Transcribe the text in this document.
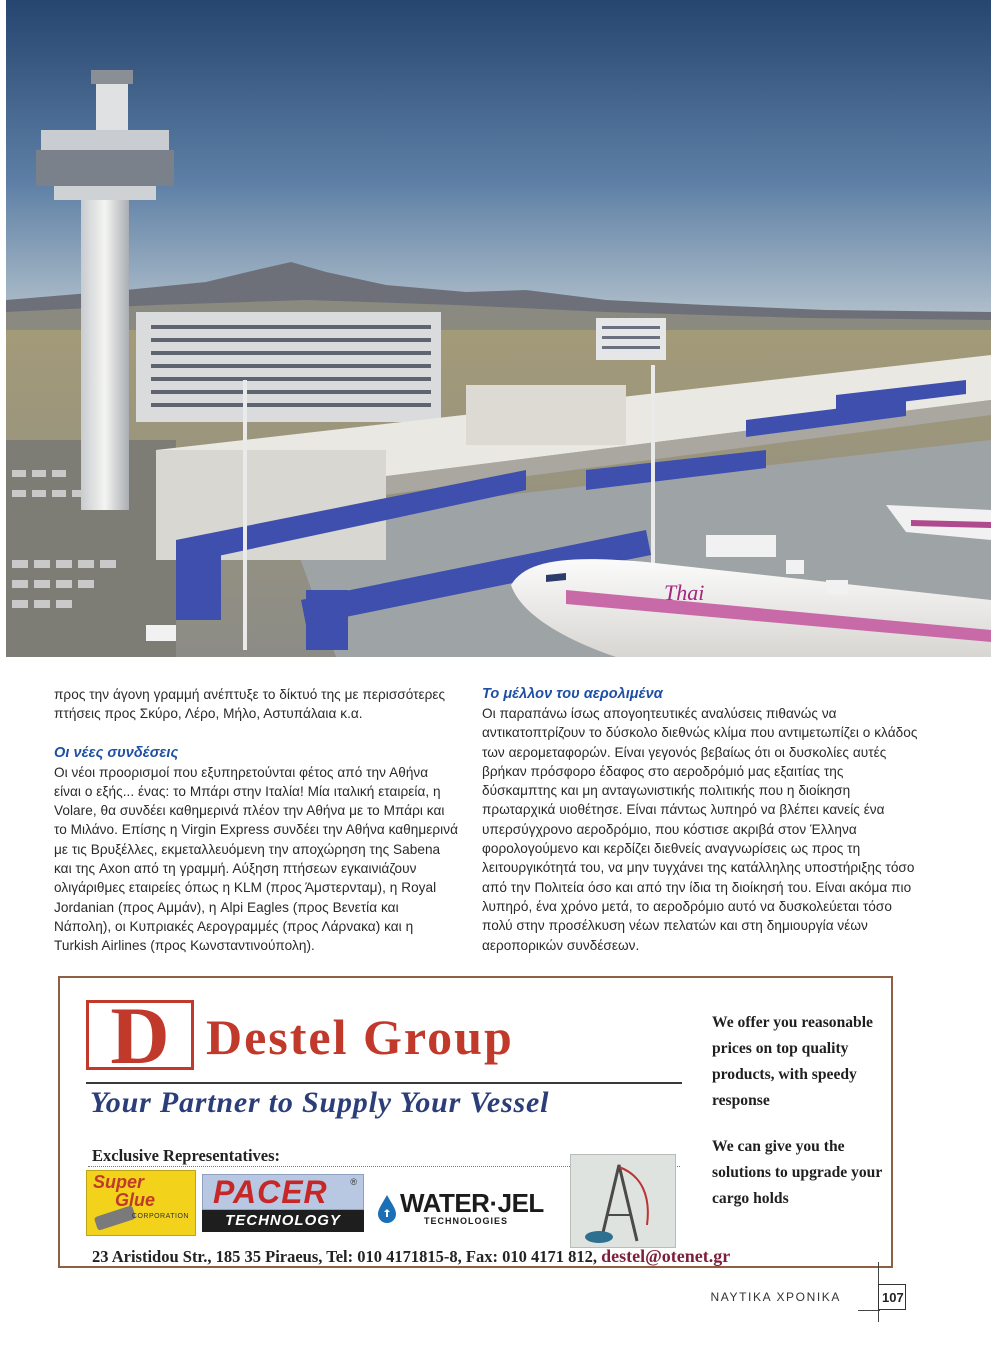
Thai

προς την άγονη γραμμή ανέπτυξε το δίκτυό της με περισσότερες πτήσεις προς Σκύρο, Λέρο, Μήλο, Αστυπάλαια κ.α.

Οι νέες συνδέσεις

Οι νέοι προορισμοί που εξυπηρετούνται φέτος από την Αθήνα είναι ο εξής... ένας: το Μπάρι στην Ιταλία! Μία ιταλική εταιρεία, η Volare, θα συνδέει καθημερινά πλέον την Αθήνα με το Μπάρι και το Μιλάνο. Επίσης η Virgin Express συνδέει την Αθήνα καθημερινά με τις Βρυξέλλες, εκμεταλλευόμενη την αποχώρηση της Sabena και της Axon από τη γραμμή. Αύξηση πτήσεων εγκαινιάζουν ολιγάριθμες εταιρείες όπως η KLM (προς Άμστερνταμ), η Royal Jordanian (προς Αμμάν), η Alpi Eagles (προς Βενετία και Νάπολη), οι Κυπριακές Αερογραμμές (προς Λάρνακα) και η Turkish Airlines (προς Κωνσταντινούπολη).

Το μέλλον του αερολιμένα

Οι παραπάνω ίσως απογοητευτικές αναλύσεις πιθανώς να αντικατοπτρίζουν το δύσκολο διεθνώς κλίμα που αντιμετωπίζει ο κλάδος των αερομεταφορών. Είναι γεγονός βεβαίως ότι οι δυσκολίες αυτές βρήκαν πρόσφορο έδαφος στο αεροδρόμιό μας εξαιτίας της δύσκαμπτης και μη ανταγωνιστικής πολιτικής που η διοίκηση πρωταρχικά υιοθέτησε. Είναι πάντως λυπηρό να βλέπει κανείς ένα υπερσύγχρονο αεροδρόμιο, που κόστισε ακριβά στον Έλληνα φορολογούμενο και κερδίζει διεθνείς αναγνωρίσεις ως προς τη λειτουργικότητά του, να μην τυγχάνει της κατάλληλης υποστήριξης τόσο από την Πολιτεία όσο και από την ίδια τη διοίκησή του. Είναι ακόμα πιο λυπηρό, ένα χρόνο μετά, το αεροδρόμιο αυτό να δυσκολεύεται τόσο πολύ στην προσέλκυση νέων πελατών και στη δημιουργία νέων αεροπορικών συνδέσεων.

D Destel Group
Your Partner to Supply Your Vessel
Exclusive Representatives:
Super
Glue
CORPORATION
PACER	®
TECHNOLOGY
WATER·JEL
TECHNOLOGIES
23 Aristidou Str., 185 35 Piraeus, Tel: 010 4171815-8, Fax: 010 4171 812, destel@otenet.gr

We offer you reasonable prices on top quality products, with speedy response

We can give you the solutions to upgrade your cargo holds

ΝΑΥΤΙΚΑ ΧΡΟΝΙΚΑ	107
